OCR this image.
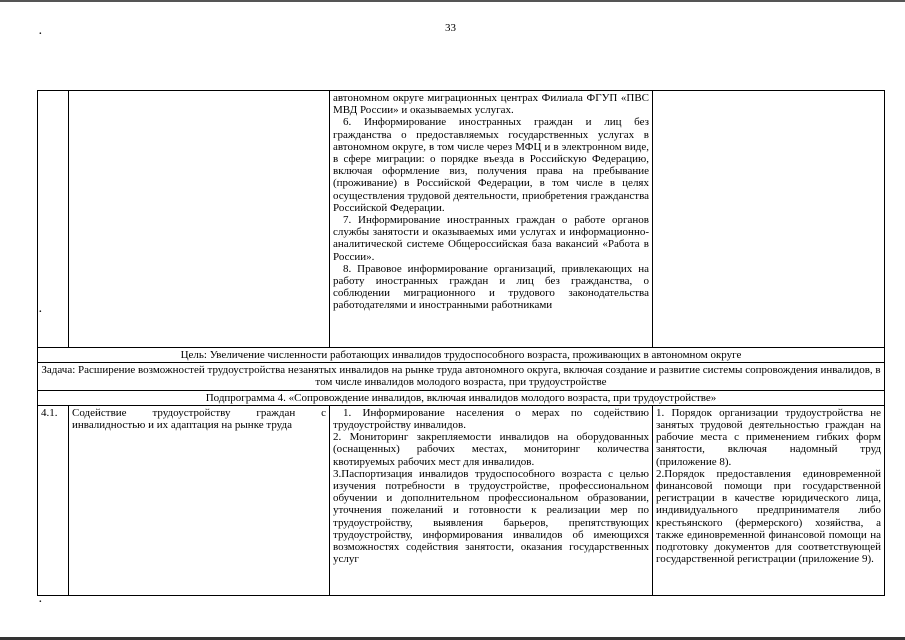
33
·
·
·

автономном округе миграционных центрах Филиала ФГУП «ПВС МВД России» и оказываемых услугах.

6. Информирование иностранных граждан и лиц без гражданства о предоставляемых государственных услугах в автономном округе, в том числе через МФЦ и в электронном виде, в сфере миграции: о порядке въезда в Российскую Федерацию, включая оформление виз, получения права на пребывание (проживание) в Российской Федерации, в том числе в целях осуществления трудовой деятельности, приобретения гражданства Российской Федерации.

7. Информирование иностранных граждан о работе органов службы занятости и оказываемых ими услугах и информационно-аналитической системе Общероссийская база вакансий «Работа в России».

8. Правовое информирование организаций, привлекающих на работу иностранных граждан и лиц без гражданства, о соблюдении миграционного и трудового законодательства работодателями и иностранными работниками

Цель: Увеличение численности работающих инвалидов трудоспособного возраста, проживающих в автономном округе
Задача: Расширение возможностей трудоустройства незанятых инвалидов на рынке труда автономного округа, включая создание и развитие системы сопровождения инвалидов, в том числе инвалидов молодого возраста, при трудоустройстве
Подпрограмма 4. «Сопровождение инвалидов, включая инвалидов молодого возраста, при трудоустройстве»
4.1.	Содействие трудоустройству граждан с инвалидностью и их адаптация на рынке труда

1. Информирование населения о мерах по содействию трудоустройству инвалидов.

2. Мониторинг закрепляемости инвалидов на оборудованных (оснащенных) рабочих местах, мониторинг количества квотируемых рабочих мест для инвалидов.

3.Паспортизация инвалидов трудоспособного возраста с целью изучения потребности в трудоустройстве, профессиональном обучении и дополнительном профессиональном образовании, уточнения пожеланий и готовности к реализации мер по трудоустройству, выявления барьеров, препятствующих трудоустройству, информирования инвалидов об имеющихся возможностях содействия занятости, оказания государственных услуг

1. Порядок организации трудоустройства не занятых трудовой деятельностью граждан на рабочие места с применением гибких форм занятости, включая надомный труд (приложение 8).

2.Порядок предоставления единовременной финансовой помощи при государственной регистрации в качестве юридического лица, индивидуального предпринимателя либо крестьянского (фермерского) хозяйства, а также единовременной финансовой помощи на подготовку документов для соответствующей государственной регистрации (приложение 9).
